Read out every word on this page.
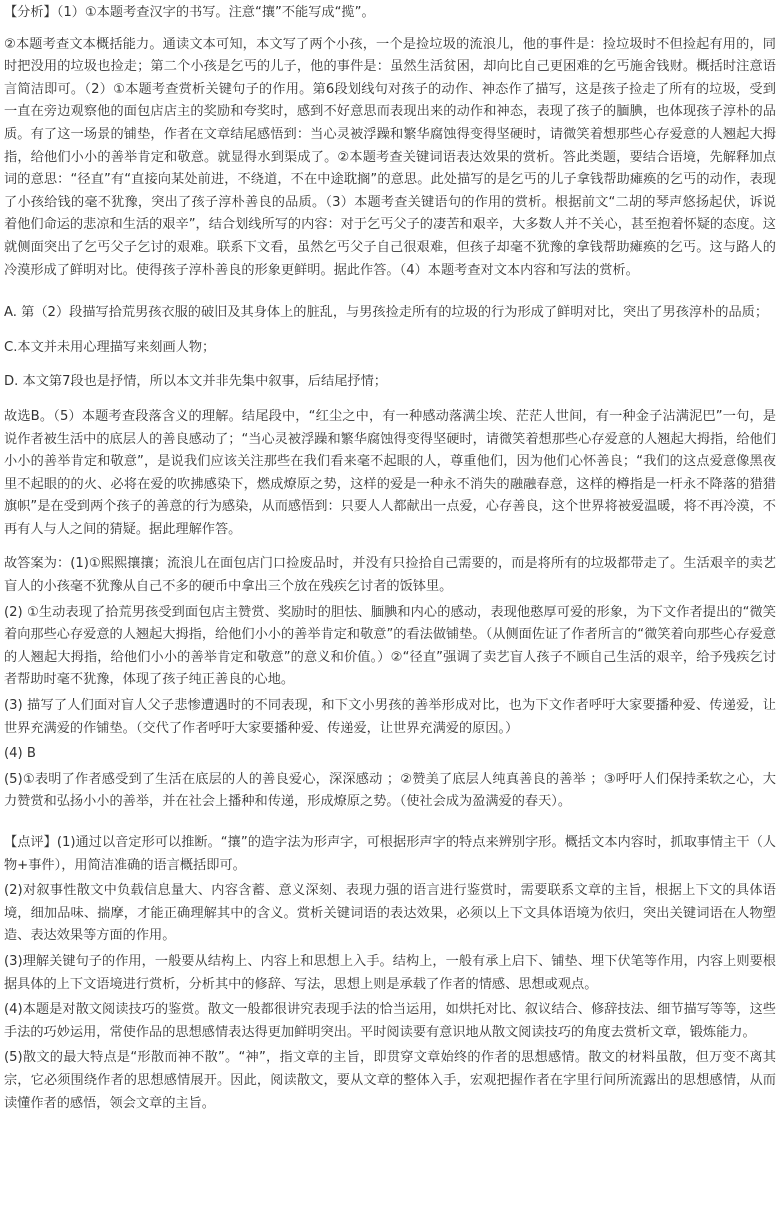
【分析】（1）①本题考查汉字的书写。注意“攘”不能写成“揽”。

②本题考查文本概括能力。通读文本可知，本文写了两个小孩，一个是捡垃圾的流浪儿，他的事件是：捡垃圾时不但捡起有用的，同时把没用的垃圾也捡走；第二个小孩是乞丐的儿子，他的事件是：虽然生活贫困，却向比自己更困难的乞丐施舍钱财。概括时注意语言简洁即可。（2）①本题考查赏析关键句子的作用。第6段划线句对孩子的动作、神态作了描写，这是孩子捡走了所有的垃圾，受到一直在旁边观察他的面包店店主的奖励和夸奖时，感到不好意思而表现出来的动作和神态，表现了孩子的腼腆，也体现孩子淳朴的品质。有了这一场景的铺垫，作者在文章结尾感悟到：当心灵被浮躁和繁华腐蚀得变得坚硬时，请微笑着想那些心存爱意的人翘起大拇指，给他们小小的善举肯定和敬意。就显得水到渠成了。②本题考查关键词语表达效果的赏析。答此类题，要结合语境，先解释加点词的意思：“径直”有“直接向某处前进，不绕道，不在中途耽搁”的意思。此处描写的是乞丐的儿子拿钱帮助瘫痪的乞丐的动作，表现了小孩给钱的毫不犹豫，突出了孩子淳朴善良的品质。（3）本题考查关键语句的作用的赏析。根据前文“二胡的琴声悠扬起伏，诉说着他们命运的悲凉和生活的艰辛”，结合划线所写的内容：对于乞丐父子的凄苦和艰辛，大多数人并不关心，甚至抱着怀疑的态度。这就侧面突出了乞丐父子乞讨的艰难。联系下文看，虽然乞丐父子自己很艰难，但孩子却毫不犹豫的拿钱帮助瘫痪的乞丐。这与路人的冷漠形成了鲜明对比。使得孩子淳朴善良的形象更鲜明。据此作答。（4）本题考查对文本内容和写法的赏析。

A. 第（2）段描写拾荒男孩衣服的破旧及其身体上的脏乱，与男孩捡走所有的垃圾的行为形成了鲜明对比，突出了男孩淳朴的品质；

C.本文并未用心理描写来刻画人物；

D. 本文第7段也是抒情，所以本文并非先集中叙事，后结尾抒情；

故选B。（5）本题考查段落含义的理解。结尾段中，“红尘之中，有一种感动落满尘埃、茫茫人世间，有一种金子沾满泥巴”一句，是说作者被生活中的底层人的善良感动了；“当心灵被浮躁和繁华腐蚀得变得坚硬时，请微笑着想那些心存爱意的人翘起大拇指，给他们小小的善举肯定和敬意”，是说我们应该关注那些在我们看来毫不起眼的人，尊重他们，因为他们心怀善良；“我们的这点爱意像黑夜里不起眼的的火、必将在爱的吹拂感染下，燃成燎原之势，这样的爱是一种永不消失的融融春意，这样的樽指是一杆永不降落的猎猎旗帜”是在受到两个孩子的善意的行为感染，从而感悟到：只要人人都献出一点爱，心存善良，这个世界将被爱温暖，将不再冷漠，不再有人与人之间的猜疑。据此理解作答。

故答案为：(1)①熙熙攘攘；流浪儿在面包店门口捡废品时，并没有只捡拾自己需要的，而是将所有的垃圾都带走了。生活艰辛的卖艺盲人的小孩毫不犹豫从自己不多的硬币中拿出三个放在残疾乞讨者的饭钵里。

(2) ①生动表现了拾荒男孩受到面包店主赞赏、奖励时的胆怯、腼腆和内心的感动，表现他憨厚可爱的形象，为下文作者提出的“微笑着向那些心存爱意的人翘起大拇指，给他们小小的善举肯定和敬意”的看法做铺垫。（从侧面佐证了作者所言的“微笑着向那些心存爱意的人翘起大拇指，给他们小小的善举肯定和敬意”的意义和价值。）②“径直”强调了卖艺盲人孩子不顾自己生活的艰辛，给予残疾乞讨者帮助时毫不犹豫，体现了孩子纯正善良的心地。

(3) 描写了人们面对盲人父子悲惨遭遇时的不同表现，和下文小男孩的善举形成对比，也为下文作者呼吁大家要播种爱、传递爱，让世界充满爱的作铺垫。（交代了作者呼吁大家要播种爱、传递爱，让世界充满爱的原因。）

(4) B

(5)①表明了作者感受到了生活在底层的人的善良爱心，深深感动 ；②赞美了底层人纯真善良的善举 ；③呼吁人们保持柔软之心，大力赞赏和弘扬小小的善举，并在社会上播种和传递，形成燎原之势。（使社会成为盈满爱的春天）。

【点评】(1)通过以音定形可以推断。“攘”的造字法为形声字，可根据形声字的特点来辨别字形。概括文本内容时，抓取事情主干（人物+事件），用简洁准确的语言概括即可。

(2)对叙事性散文中负载信息量大、内容含蓄、意义深刻、表现力强的语言进行鉴赏时，需要联系文章的主旨，根据上下文的具体语境，细加品味、揣摩，才能正确理解其中的含义。赏析关键词语的表达效果，必须以上下文具体语境为依归，突出关键词语在人物塑造、表达效果等方面的作用。

(3)理解关键句子的作用，一般要从结构上、内容上和思想上入手。结构上，一般有承上启下、铺垫、埋下伏笔等作用，内容上则要根据具体的上下文语境进行赏析，分析其中的修辞、写法，思想上则是承载了作者的情感、思想或观点。

(4)本题是对散文阅读技巧的鉴赏。散文一般都很讲究表现手法的恰当运用，如烘托对比、叙议结合、修辞技法、细节描写等等，这些手法的巧妙运用，常使作品的思想感情表达得更加鲜明突出。平时阅读要有意识地从散文阅读技巧的角度去赏析文章，锻炼能力。

(5)散文的最大特点是“形散而神不散”。“神”，指文章的主旨，即贯穿文章始终的作者的思想感情。散文的材料虽散，但万变不离其宗，它必须围绕作者的思想感情展开。因此，阅读散文，要从文章的整体入手，宏观把握作者在字里行间所流露出的思想感情，从而读懂作者的感悟，领会文章的主旨。
